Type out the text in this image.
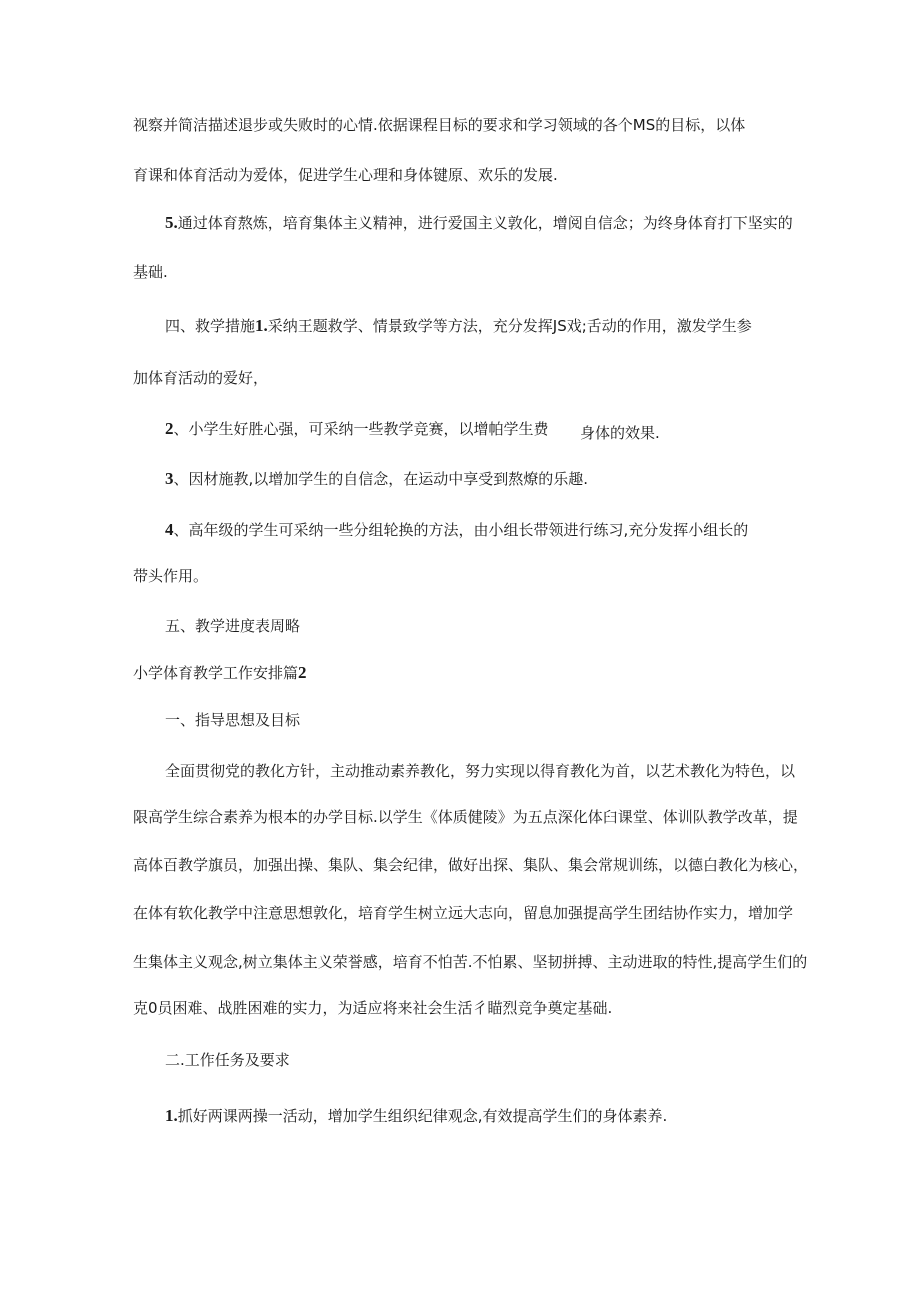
视察并简洁描述退步或失败时的心情.依据课程目标的要求和学习领域的各个MS的目标，以体

育课和体育活动为爱体，促进学生心理和身体键原、欢乐的发展.

5.通过体育熬炼，培育集体主义精神，进行爱国主义敦化，增阅自信念；为终身体育打下坚实的

基础.

四、救学措施1.采纳王题救学、情景致学等方法，充分发挥JS戏;舌动的作用，激发学生参

加体育活动的爱好，

2、小学生好胜心强，可采纳一些教学竞赛，以增帕学生费 身体的效果.

3、因材施教,以增加学生的自信念，在运动中享受到熬燎的乐趣.

4、高年级的学生可采纳一些分组轮换的方法，由小组长带领进行练习,充分发挥小组长的

带头作用。

五、教学进度表周略

小学体育教学工作安排篇2

一、指导思想及目标

全面贯彻党的教化方针，主动推动素养教化，努力实现以得育教化为首，以艺术教化为特色，以

限高学生综合素养为根本的办学目标.以学生《体质健陵》为五点深化体臼课堂、体训队教学改革，提

高体百教学旗员，加强出操、集队、集会纪律，做好出探、集队、集会常规训练，以德白教化为核心，

在体有软化教学中注意思想敦化，培育学生树立远大志向，留息加强提高学生团结协作实力，增加学

生集体主义观念,树立集体主义荣誉感，培育不怕苦.不怕累、坚韧拼搏、主动进取的特性,提高学生们的

克0员困难、战胜困难的实力，为适应将来社会生活彳瞄烈竞争奠定基础.

二.工作任务及要求

1.抓好两课两操一活动，增加学生组织纪律观念,有效提高学生们的身体素养.
